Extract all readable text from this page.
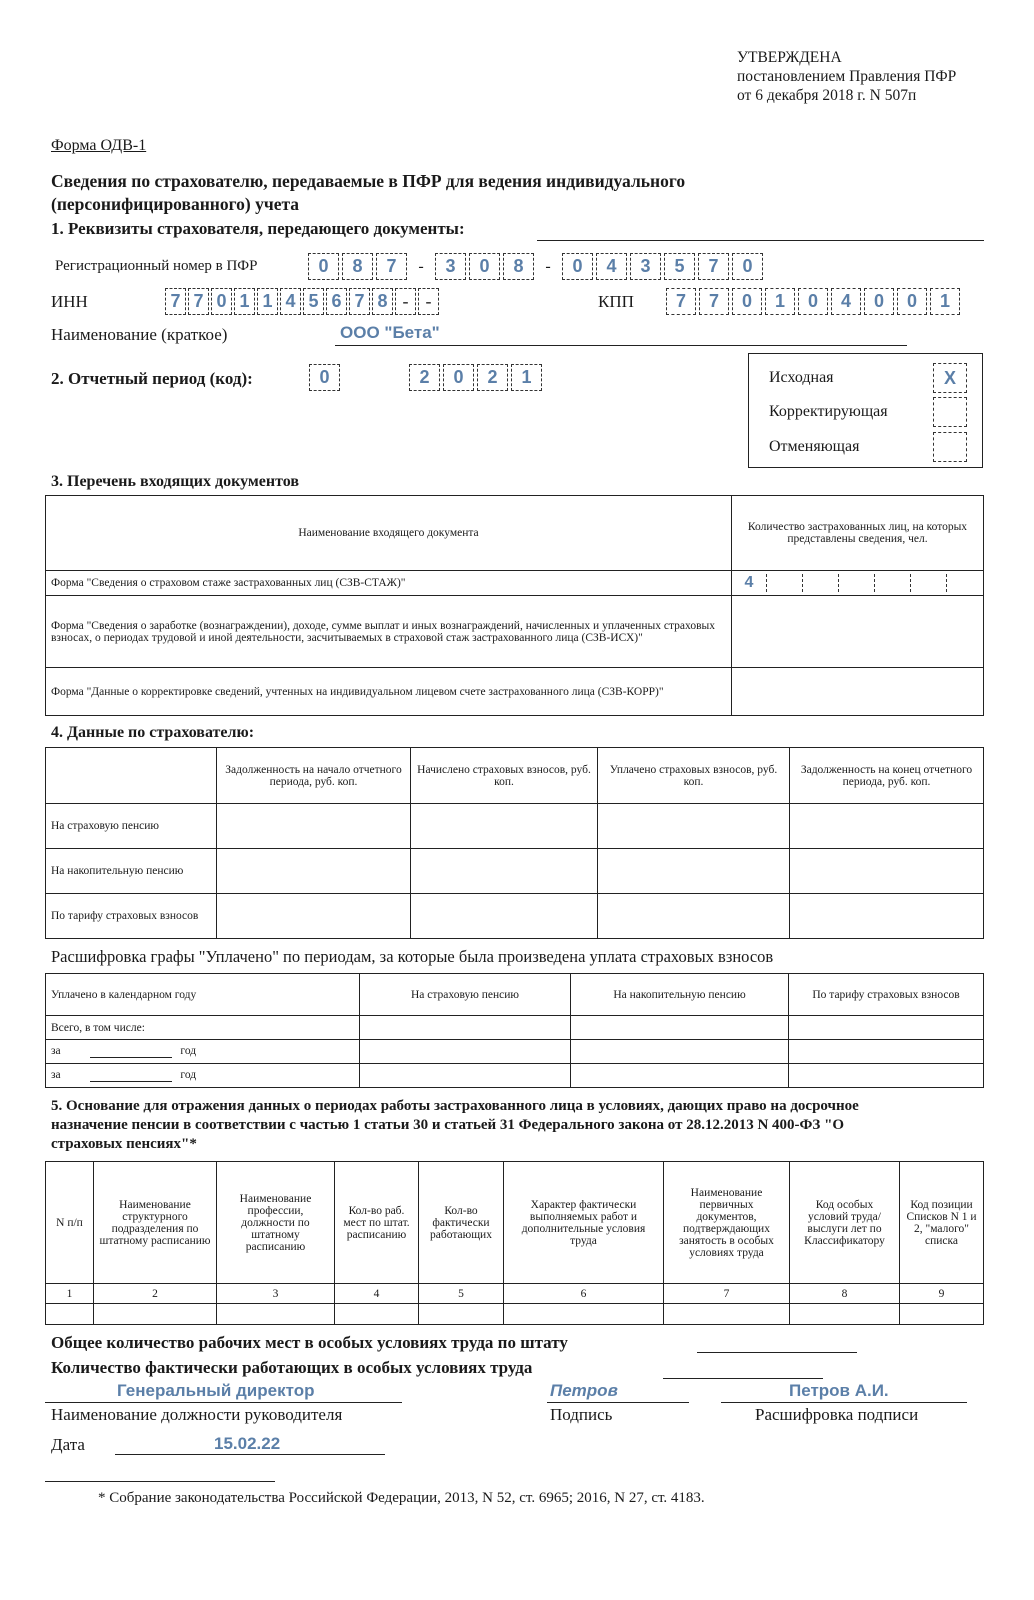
УТВЕРЖДЕНА
постановлением Правления ПФР
от 6 декабря 2018 г. N 507п
Форма ОДВ-1
Сведения по страхователю, передаваемые в ПФР для ведения индивидуального
(персонифицированного) учета
1. Реквизиты страхователя, передающего документы:
Регистрационный номер в ПФР	0	8	7	-	3	0	8	-	0	4	3	5	7	0
ИНН	7 7 0 1 1 4 5 6 7 8 - -	КПП	7	7	0	1	0	4	0	0	1
Наименование (краткое)	ООО "Бета"
2. Отчетный период (код):	0	2	0	2	1	Исходная	X
Корректирующая
Отменяющая
3. Перечень входящих документов
Наименование входящего документа	Количество застрахованных лиц, на которых представлены сведения, чел.
Форма "Сведения о страховом стаже застрахованных лиц (СЗВ-СТАЖ)"	4

Форма "Сведения о заработке (вознаграждении), доходе, сумме выплат и иных вознаграждений, начисленных и уплаченных страховых взносах, о периодах трудовой и иной деятельности, засчитываемых в страховой стаж застрахованного лица (СЗВ-ИСХ)"	
Форма "Данные о корректировке сведений, учтенных на индивидуальном лицевом счете застрахованного лица (СЗВ-КОРР)"	
4. Данные по страхователю:
	Задолженность на начало отчетного периода, руб. коп.	Начислено страховых взносов, руб. коп.	Уплачено страховых взносов, руб. коп.	Задолженность на конец отчетного периода, руб. коп.
На страховую пенсию				
На накопительную пенсию				
По тарифу страховых взносов				
Расшифровка графы "Уплачено" по периодам, за которые была произведена уплата страховых взносов
Уплачено в календарном году	На страховую пенсию	На накопительную пенсию	По тарифу страховых взносов
Всего, в том числе:			
за год			
за год			
5. Основание для отражения данных о периодах работы застрахованного лица в условиях, дающих право на досрочное
назначение пенсии в соответствии с частью 1 статьи 30 и статьей 31 Федерального закона от 28.12.2013 N 400-ФЗ "О
страховых пенсиях"*
N п/п	Наименование структурного подразделения по штатному расписанию	Наименование профессии, должности по штатному расписанию	Кол-во раб. мест по штат. расписанию	Кол-во фактически работающих	Характер фактически выполняемых работ и дополнительные условия труда	Наименование первичных документов, подтверждающих занятость в особых условиях труда	Код особых условий труда/ выслуги лет по Классификатору	Код позиции Списков N 1 и 2, "малого" списка
1	2	3	4	5	6	7	8	9

Общее количество рабочих мест в особых условиях труда по штату
Количество фактически работающих в особых условиях труда
Генеральный директор
Наименование должности руководителя
Петров
Подпись
Петров А.И.
Расшифровка подписи
Дата	15.02.22
* Собрание законодательства Российской Федерации, 2013, N 52, ст. 6965; 2016, N 27, ст. 4183.
